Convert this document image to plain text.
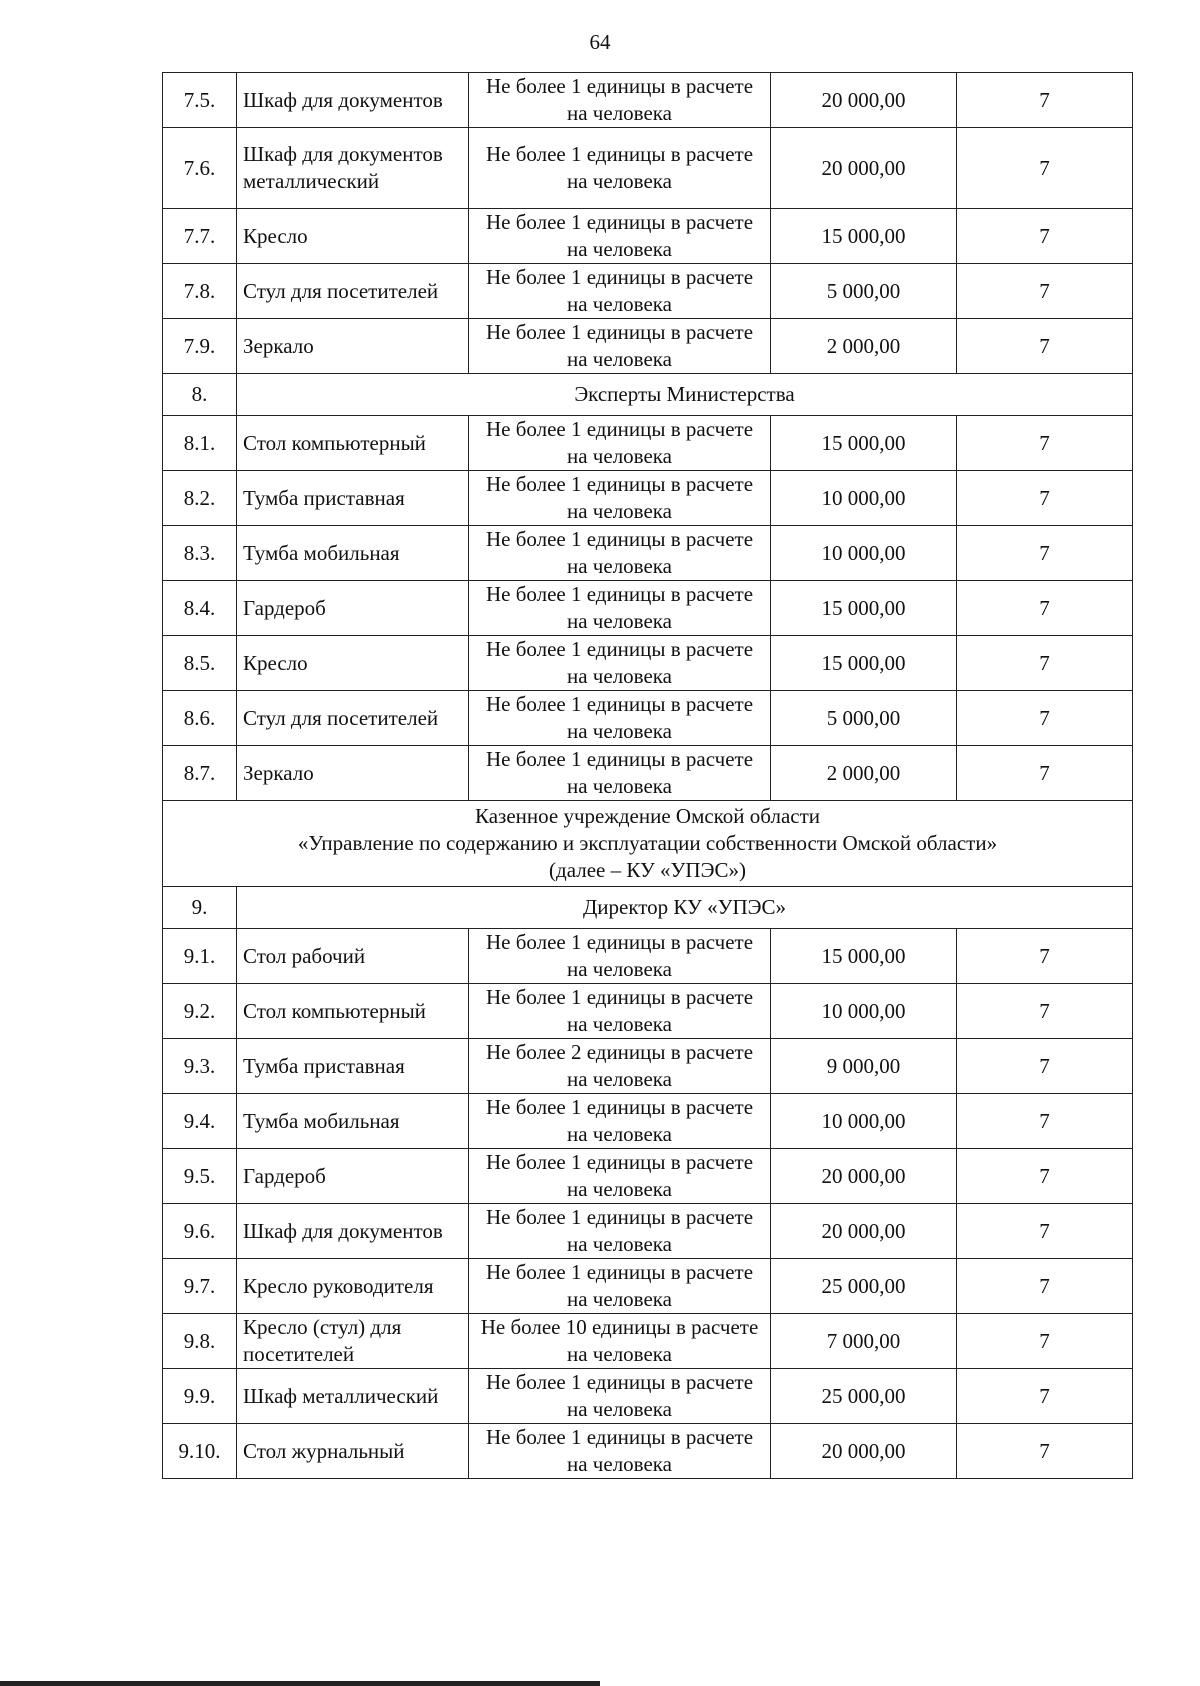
64
7.5.	Шкаф для документов	Не более 1 единицы в расчете на человека	20 000,00	7
7.6.	Шкаф для документов металлический	Не более 1 единицы в расчете на человека	20 000,00	7
7.7.	Кресло	Не более 1 единицы в расчете на человека	15 000,00	7
7.8.	Стул для посетителей	Не более 1 единицы в расчете на человека	5 000,00	7
7.9.	Зеркало	Не более 1 единицы в расчете на человека	2 000,00	7
8.	Эксперты Министерства			
8.1.	Стол компьютерный	Не более 1 единицы в расчете на человека	15 000,00	7
8.2.	Тумба приставная	Не более 1 единицы в расчете на человека	10 000,00	7
8.3.	Тумба мобильная	Не более 1 единицы в расчете на человека	10 000,00	7
8.4.	Гардероб	Не более 1 единицы в расчете на человека	15 000,00	7
8.5.	Кресло	Не более 1 единицы в расчете на человека	15 000,00	7
8.6.	Стул для посетителей	Не более 1 единицы в расчете на человека	5 000,00	7
8.7.	Зеркало	Не более 1 единицы в расчете на человека	2 000,00	7

Казенное учреждение Омской области
«Управление по содержанию и эксплуатации собственности Омской области»
(далее – КУ «УПЭС»)				

9.	Директор КУ «УПЭС»			
9.1.	Стол рабочий	Не более 1 единицы в расчете на человека	15 000,00	7
9.2.	Стол компьютерный	Не более 1 единицы в расчете на человека	10 000,00	7
9.3.	Тумба приставная	Не более 2 единицы в расчете на человека	9 000,00	7
9.4.	Тумба мобильная	Не более 1 единицы в расчете на человека	10 000,00	7
9.5.	Гардероб	Не более 1 единицы в расчете на человека	20 000,00	7
9.6.	Шкаф для документов	Не более 1 единицы в расчете на человека	20 000,00	7
9.7.	Кресло руководителя	Не более 1 единицы в расчете на человека	25 000,00	7
9.8.	Кресло (стул) для посетителей	Не более 10 единицы в расчете на человека	7 000,00	7
9.9.	Шкаф металлический	Не более 1 единицы в расчете на человека	25 000,00	7
9.10.	Стол журнальный	Не более 1 единицы в расчете на человека	20 000,00	7
